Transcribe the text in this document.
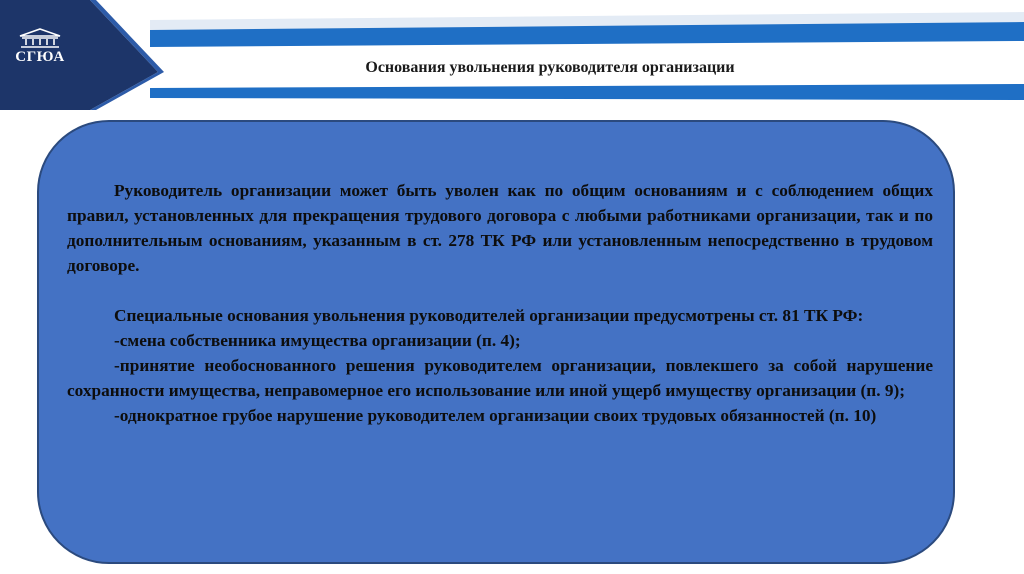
СГЮА
Основания увольнения руководителя организации

Руководитель организации может быть уволен как по общим основаниям и с соблюдением общих правил, установленных для прекращения трудового договора с любыми работниками организации, так и по дополнительным основаниям, указанным в ст. 278 ТК РФ или установленным непосредственно в трудовом договоре.

Специальные основания увольнения руководителей организации предусмотрены ст. 81 ТК РФ:

-смена собственника имущества организации (п. 4);

-принятие необоснованного решения руководителем организации, повлекшего за собой нарушение сохранности имущества, неправомерное его использование или иной ущерб имуществу организации (п. 9);

-однократное грубое нарушение руководителем организации своих трудовых обязанностей (п. 10)
